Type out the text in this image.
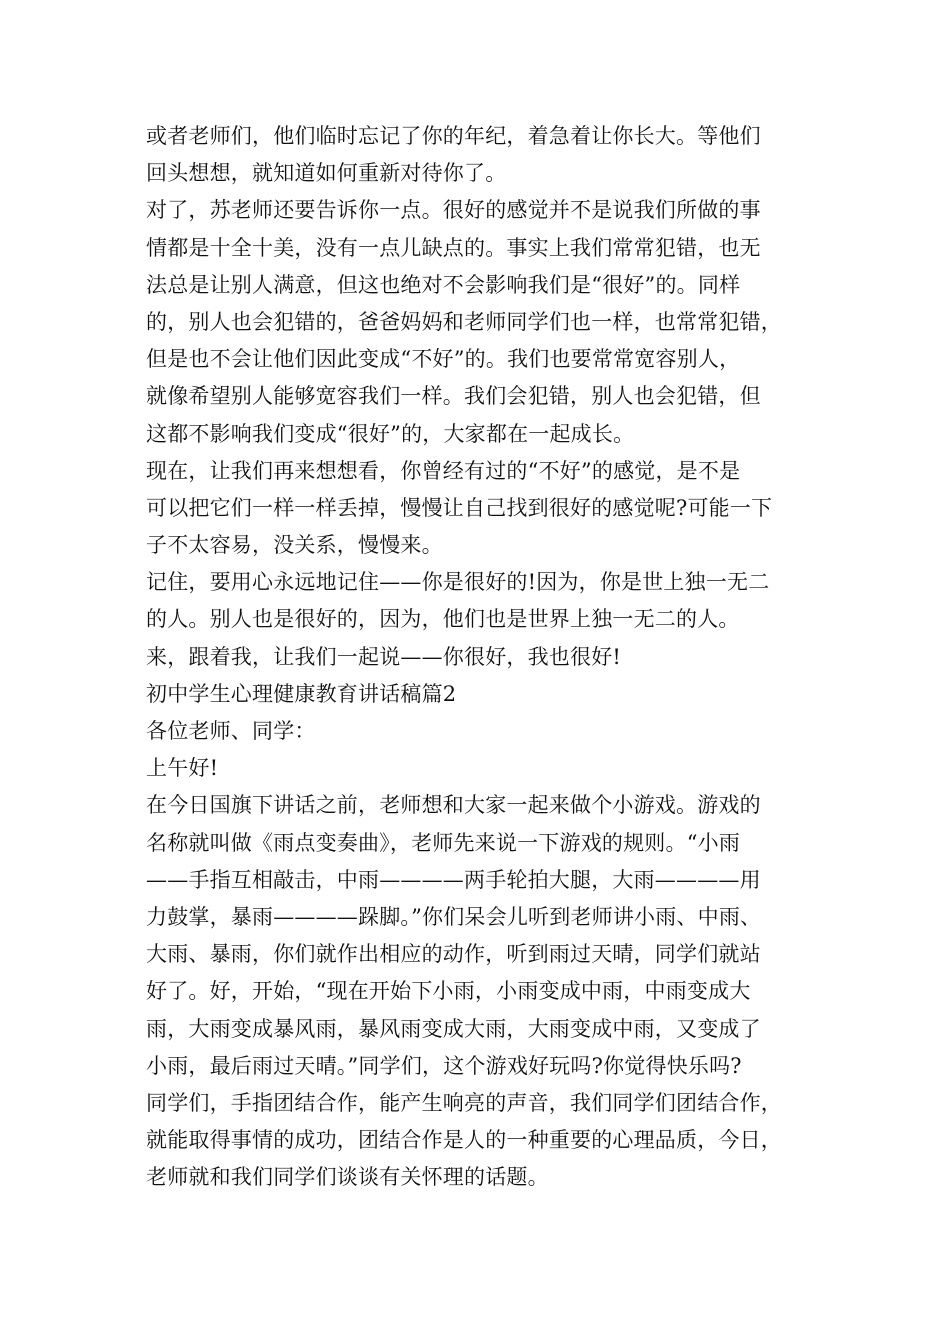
或者老师们，他们临时忘记了你的年纪，着急着让你长大。等他们
回头想想，就知道如何重新对待你了。
对了，苏老师还要告诉你一点。很好的感觉并不是说我们所做的事
情都是十全十美，没有一点儿缺点的。事实上我们常常犯错，也无
法总是让别人满意，但这也绝对不会影响我们是“很好”的。同样
的，别人也会犯错的，爸爸妈妈和老师同学们也一样，也常常犯错，
但是也不会让他们因此变成“不好”的。我们也要常常宽容别人，
就像希望别人能够宽容我们一样。我们会犯错，别人也会犯错，但
这都不影响我们变成“很好”的，大家都在一起成长。
现在，让我们再来想想看，你曾经有过的“不好”的感觉，是不是
可以把它们一样一样丢掉，慢慢让自己找到很好的感觉呢?可能一下
子不太容易，没关系，慢慢来。
记住，要用心永远地记住——你是很好的!因为，你是世上独一无二
的人。别人也是很好的，因为，他们也是世界上独一无二的人。
来，跟着我，让我们一起说——你很好，我也很好!
初中学生心理健康教育讲话稿篇2
各位老师、同学：
上午好!
在今日国旗下讲话之前，老师想和大家一起来做个小游戏。游戏的
名称就叫做《雨点变奏曲》，老师先来说一下游戏的规则。“小雨
——手指互相敲击，中雨————两手轮拍大腿，大雨————用
力鼓掌，暴雨————跺脚。”你们呆会儿听到老师讲小雨、中雨、
大雨、暴雨，你们就作出相应的动作，听到雨过天晴，同学们就站
好了。好，开始，“现在开始下小雨，小雨变成中雨，中雨变成大
雨，大雨变成暴风雨，暴风雨变成大雨，大雨变成中雨，又变成了
小雨，最后雨过天晴。”同学们，这个游戏好玩吗?你觉得快乐吗?
同学们，手指团结合作，能产生响亮的声音，我们同学们团结合作，
就能取得事情的成功，团结合作是人的一种重要的心理品质，今日，
老师就和我们同学们谈谈有关怀理的话题。
